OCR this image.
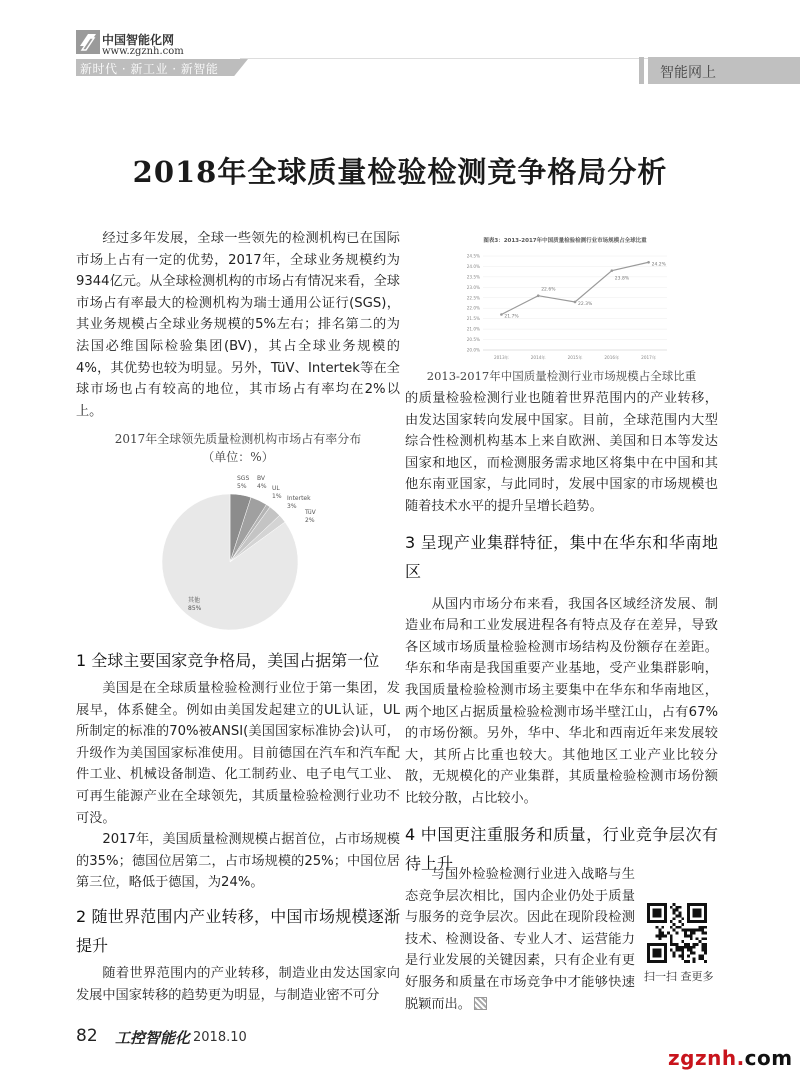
中国智能化网
www.zgznh.com
新时代 · 新工业 · 新智能	智能网上
2018年全球质量检验检测竞争格局分析

经过多年发展，全球一些领先的检测机构已在国际市场上占有一定的优势，2017年，全球业务规模约为9344亿元。从全球检测机构的市场占有情况来看，全球市场占有率最大的检测机构为瑞士通用公证行(SGS)，其业务规模占全球业务规模的5%左右；排名第二的为法国必维国际检验集团(BV)，其占全球业务规模的4%，其优势也较为明显。另外，TüV、Intertek等在全球市场也占有较高的地位，其市场占有率均在2%以上。

2017年全球领先质量检测机构市场占有率分布
（单位：%）
SGS
5%
BV
4% UL
1% Intertek
3%
TüV
2%
其他
85%
1 全球主要国家竞争格局，美国占据第一位

美国是在全球质量检验检测行业位于第一集团，发展早，体系健全。例如由美国发起建立的UL认证，UL所制定的标准的70%被ANSI(美国国家标准协会)认可，升级作为美国国家标准使用。目前德国在汽车和汽车配件工业、机械设备制造、化工制药业、电子电气工业、可再生能源产业在全球领先，其质量检验检测行业功不可没。

2017年，美国质量检测规模占据首位，占市场规模的35%；德国位居第二，占市场规模的25%；中国位居第三位，略低于德国，为24%。

2 随世界范围内产业转移，中国市场规模逐渐提升

随着世界范围内的产业转移，制造业由发达国家向发展中国家转移的趋势更为明显，与制造业密不可分

图表3：2013-2017年中国质量检验检测行业市场规模占全球比重
20.0%
20.5%
21.0%
21.5%
22.0%
22.5%
23.0%
23.5%
24.0%
24.5%
21.7%
2013年
22.6%
2014年
22.3%
2015年
23.8%
2016年
24.2%
2017年
2013-2017年中国质量检测行业市场规模占全球比重

的质量检验检测行业也随着世界范围内的产业转移，由发达国家转向发展中国家。目前，全球范围内大型综合性检测机构基本上来自欧洲、美国和日本等发达国家和地区，而检测服务需求地区将集中在中国和其他东南亚国家，与此同时，发展中国家的市场规模也随着技术水平的提升呈增长趋势。

3 呈现产业集群特征，集中在华东和华南地区

从国内市场分布来看，我国各区域经济发展、制造业布局和工业发展进程各有特点及存在差异，导致各区域市场质量检验检测市场结构及份额存在差距。华东和华南是我国重要产业基地，受产业集群影响，我国质量检验检测市场主要集中在华东和华南地区，两个地区占据质量检验检测市场半壁江山，占有67%的市场份额。另外，华中、华北和西南近年来发展较大，其所占比重也较大。其他地区工业产业比较分散，无规模化的产业集群，其质量检验检测市场份额比较分散，占比较小。

4 中国更注重服务和质量，行业竞争层次有待上升

与国外检验检测行业进入战略与生态竞争层次相比，国内企业仍处于质量与服务的竞争层次。因此在现阶段检测技术、检测设备、专业人才、运营能力是行业发展的关键因素，只有企业有更好服务和质量在市场竞争中才能够快速脱颖而出。

扫一扫 查更多
82 工控智能化 2018.10
zgznh.com
